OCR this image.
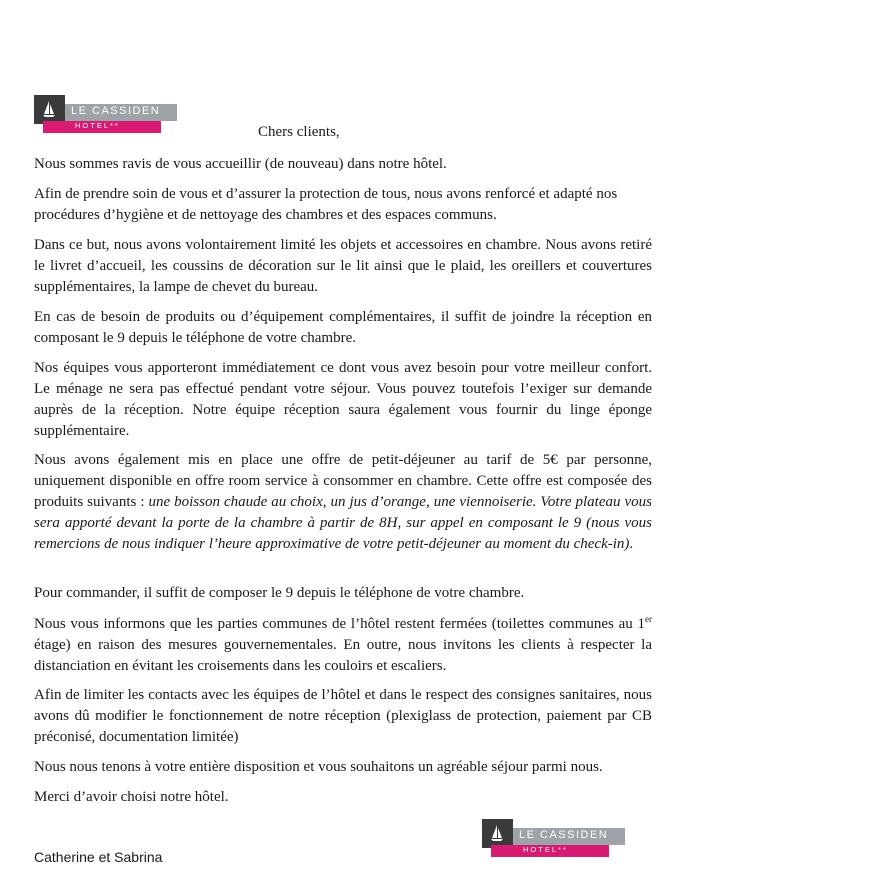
LE CASSIDEN
HOTEL**	Chers clients,

Nous sommes ravis de vous accueillir (de nouveau) dans notre hôtel.

Afin de prendre soin de vous et d’assurer la protection de tous, nous avons renforcé et adapté nos procédures d’hygiène et de nettoyage des chambres et des espaces communs.

Dans ce but, nous avons volontairement limité les objets et accessoires en chambre. Nous avons retiré le livret d’accueil, les coussins de décoration sur le lit ainsi que le plaid, les oreillers et couvertures supplémentaires, la lampe de chevet du bureau.

En cas de besoin de produits ou d’équipement complémentaires, il suffit de joindre la réception en composant le 9 depuis le téléphone de votre chambre.

Nos équipes vous apporteront immédiatement ce dont vous avez besoin pour votre meilleur confort. Le ménage ne sera pas effectué pendant votre séjour. Vous pouvez toutefois l’exiger sur demande auprès de la réception. Notre équipe réception saura également vous fournir du linge éponge supplémentaire.

Nous avons également mis en place une offre de petit-déjeuner au tarif de 5€ par personne, uniquement disponible en offre room service à consommer en chambre. Cette offre est composée des produits suivants : une boisson chaude au choix, un jus d’orange, une viennoiserie. Votre plateau vous sera apporté devant la porte de la chambre à partir de 8H, sur appel en composant le 9 (nous vous remercions de nous indiquer l’heure approximative de votre petit-déjeuner au moment du check-in).

Pour commander, il suffit de composer le 9 depuis le téléphone de votre chambre.

Nous vous informons que les parties communes de l’hôtel restent fermées (toilettes communes au 1er étage) en raison des mesures gouvernementales. En outre, nous invitons les clients à respecter la distanciation en évitant les croisements dans les couloirs et escaliers.

Afin de limiter les contacts avec les équipes de l’hôtel et dans le respect des consignes sanitaires, nous avons dû modifier le fonctionnement de notre réception (plexiglass de protection, paiement par CB préconisé, documentation limitée)

Nous nous tenons à votre entière disposition et vous souhaitons un agréable séjour parmi nous.

Merci d’avoir choisi notre hôtel.

LE CASSIDEN
HOTEL**
Catherine et Sabrina
